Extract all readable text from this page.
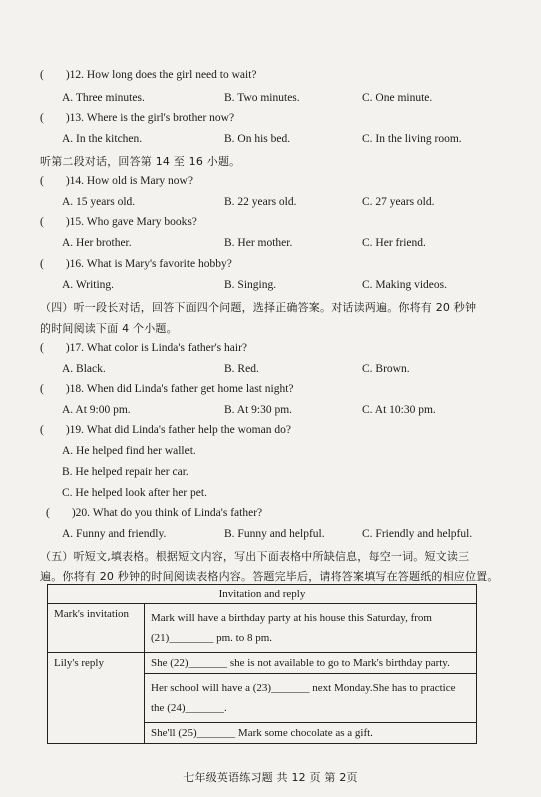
( )12. How long does the girl need to wait?
A. Three minutes.	B. Two minutes.	C. One minute.
( )13. Where is the girl's brother now?
A. In the kitchen.	B. On his bed.	C. In the living room.
听第二段对话，回答第 14 至 16 小题。
( )14. How old is Mary now?
A. 15 years old.	B. 22 years old.	C. 27 years old.
( )15. Who gave Mary books?
A. Her brother.	B. Her mother.	C. Her friend.
( )16. What is Mary's favorite hobby?
A. Writing.	B. Singing.	C. Making videos.
（四）听一段长对话，回答下面四个问题，选择正确答案。对话读两遍。你将有 20 秒钟
的时间阅读下面 4 个小题。
( )17. What color is Linda's father's hair?
A. Black.	B. Red.	C. Brown.
( )18. When did Linda's father get home last night?
A. At 9:00 pm.	B. At 9:30 pm.	C. At 10:30 pm.
( )19. What did Linda's father help the woman do?
A. He helped find her wallet.
B. He helped repair her car.
C. He helped look after her pet.
( )20. What do you think of Linda's father?
A. Funny and friendly.	B. Funny and helpful.	C. Friendly and helpful.
（五）听短文,填表格。根据短文内容，写出下面表格中所缺信息，每空一词。短文读三
遍。你将有 20 秒钟的时间阅读表格内容。答题完毕后，请将答案填写在答题纸的相应位置。
Invitation and reply	
Mark's invitation	Mark will have a birthday party at his house this Saturday, from (21)________ pm. to 8 pm.
Lily's reply	She (22)_______ she is not available to go to Mark's birthday party.
	Her school will have a (23)_______ next Monday.She has to practice the (24)_______.
	She'll (25)_______ Mark some chocolate as a gift.
七年级英语练习题 共 12 页 第 2页
